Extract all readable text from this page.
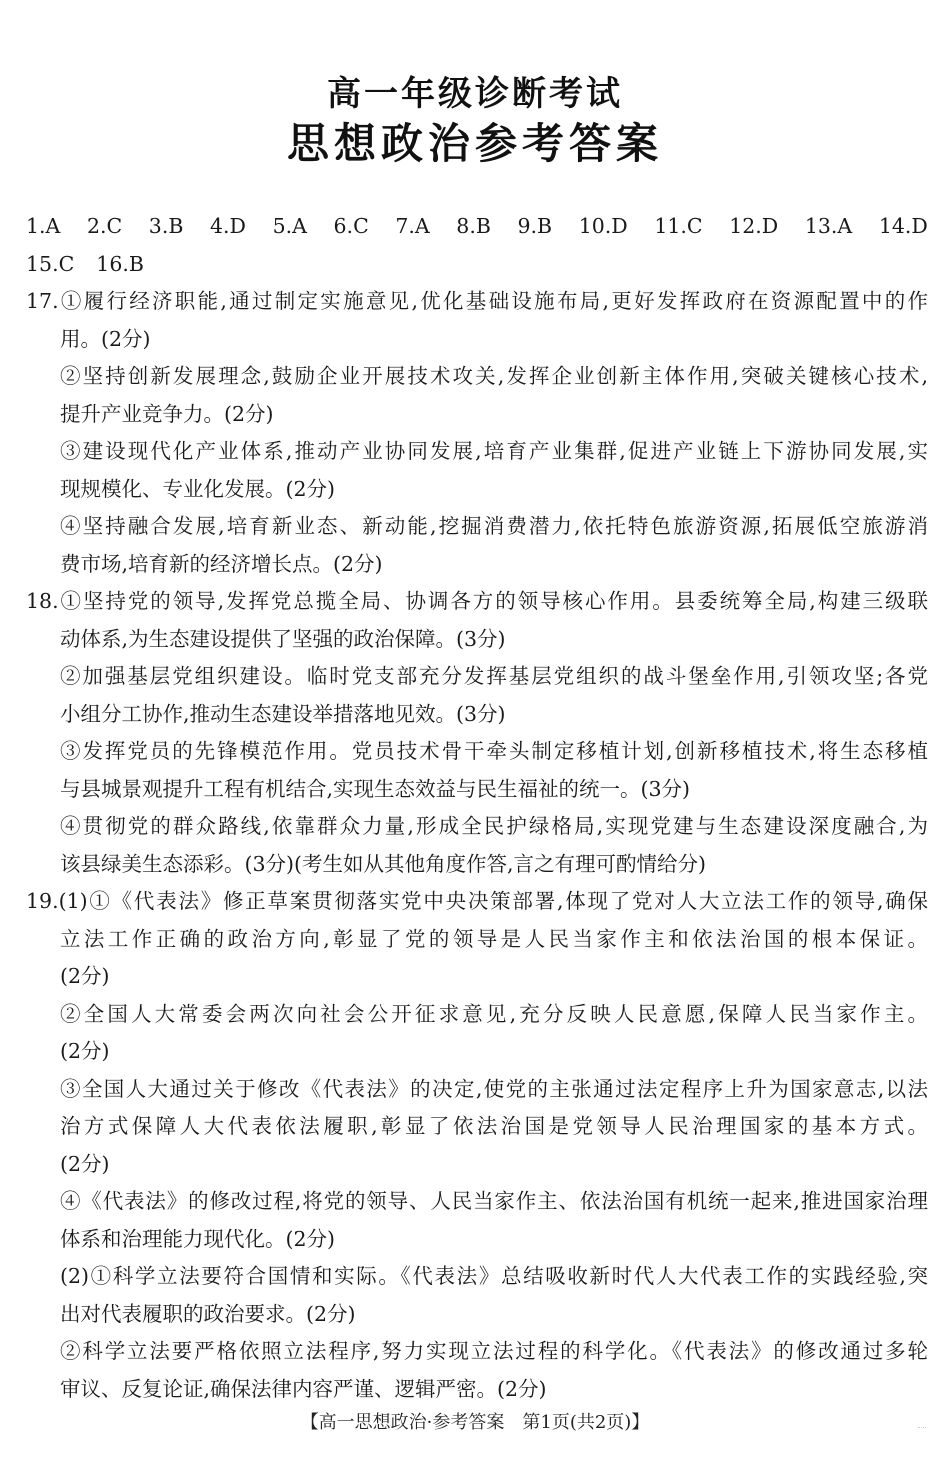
高一年级诊断考试
思想政治参考答案
1.A 2.C 3.B 4.D 5.A 6.C 7.A 8.B 9.B 10.D 11.C 12.D 13.A 14.D
15.C 16.B
17.①履行经济职能,通过制定实施意见,优化基础设施布局,更好发挥政府在资源配置中的作
用。(2分)
②坚持创新发展理念,鼓励企业开展技术攻关,发挥企业创新主体作用,突破关键核心技术,
提升产业竞争力。(2分)
③建设现代化产业体系,推动产业协同发展,培育产业集群,促进产业链上下游协同发展,实
现规模化、专业化发展。(2分)
④坚持融合发展,培育新业态、新动能,挖掘消费潜力,依托特色旅游资源,拓展低空旅游消
费市场,培育新的经济增长点。(2分)
18.①坚持党的领导,发挥党总揽全局、协调各方的领导核心作用。县委统筹全局,构建三级联
动体系,为生态建设提供了坚强的政治保障。(3分)
②加强基层党组织建设。临时党支部充分发挥基层党组织的战斗堡垒作用,引领攻坚;各党
小组分工协作,推动生态建设举措落地见效。(3分)
③发挥党员的先锋模范作用。党员技术骨干牵头制定移植计划,创新移植技术,将生态移植
与县城景观提升工程有机结合,实现生态效益与民生福祉的统一。(3分)
④贯彻党的群众路线,依靠群众力量,形成全民护绿格局,实现党建与生态建设深度融合,为
该县绿美生态添彩。(3分)(考生如从其他角度作答,言之有理可酌情给分)
19.(1)①《代表法》修正草案贯彻落实党中央决策部署,体现了党对人大立法工作的领导,确保
立法工作正确的政治方向,彰显了党的领导是人民当家作主和依法治国的根本保证。
(2分)
②全国人大常委会两次向社会公开征求意见,充分反映人民意愿,保障人民当家作主。
(2分)
③全国人大通过关于修改《代表法》的决定,使党的主张通过法定程序上升为国家意志,以法
治方式保障人大代表依法履职,彰显了依法治国是党领导人民治理国家的基本方式。
(2分)
④《代表法》的修改过程,将党的领导、人民当家作主、依法治国有机统一起来,推进国家治理
体系和治理能力现代化。(2分)
(2)①科学立法要符合国情和实际。《代表法》总结吸收新时代人大代表工作的实践经验,突
出对代表履职的政治要求。(2分)
②科学立法要严格依照立法程序,努力实现立法过程的科学化。《代表法》的修改通过多轮
审议、反复论证,确保法律内容严谨、逻辑严密。(2分)
【高一思想政治·参考答案　第1页(共2页)】
